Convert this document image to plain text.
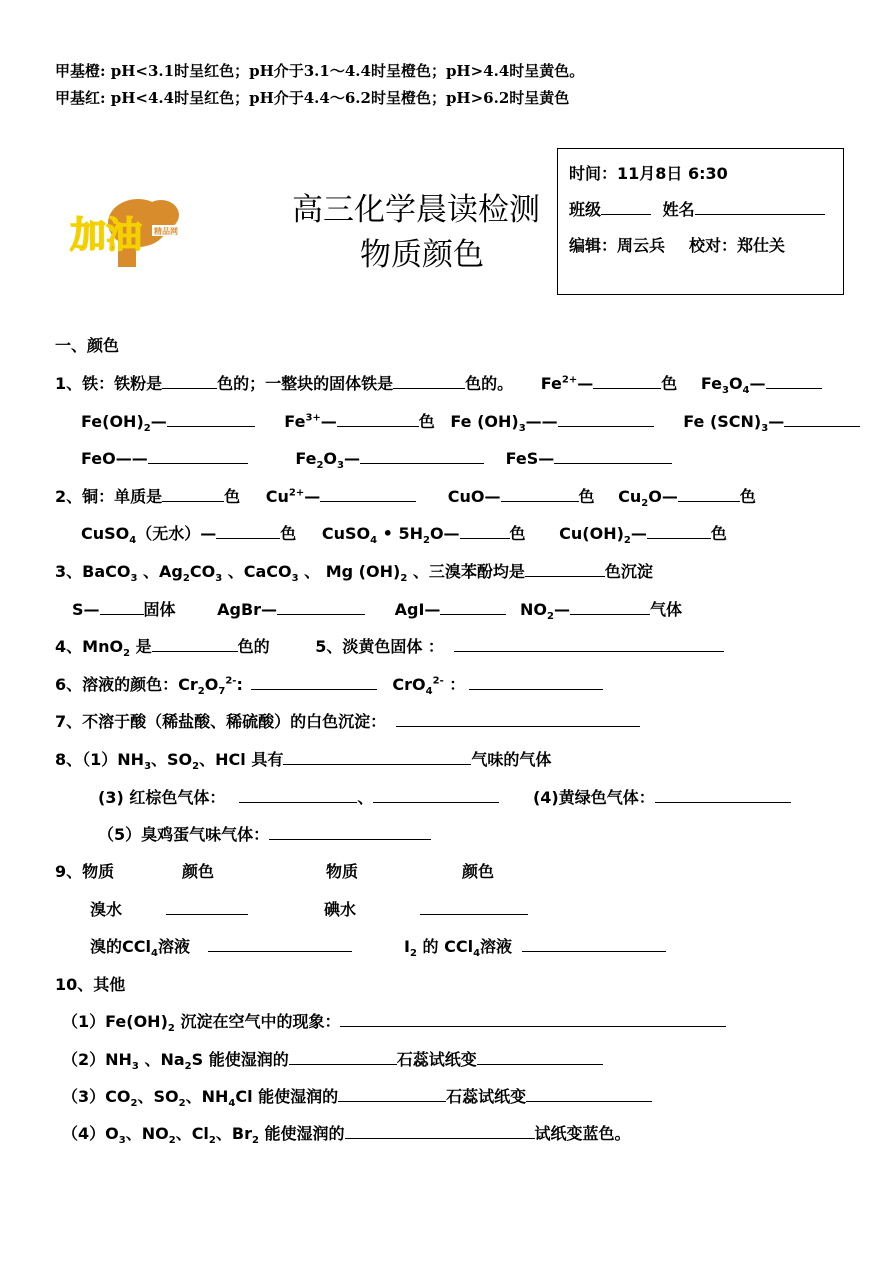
甲基橙: pH<3.1时呈红色；pH介于3.1～4.4时呈橙色；pH>4.4时呈黄色。
甲基红: pH<4.4时呈红色；pH介于4.4～6.2时呈橙色；pH>6.2时呈黄色
加油 精品网
高三化学晨读检测
物质颜色
时间：11月8日 6:30
班级	姓名
编辑：周云兵 校对：郑仕关
一、颜色
1、铁：铁粉是	色的；一整块的固体铁是	色的。 $Fe^{2+}—$	色 $Fe_3O_4—$
$Fe(OH)_2—$	$Fe^{3+}—$	色 Fe $(OH)_3——$	Fe $(SCN)_3—$
FeO——	$Fe_2O_3—$	FeS—
2、铜：单质是	色 $Cu^{2+}—$	CuO—	色 $Cu_2O—$	色
CuSO$_4$（无水）—	色 CuSO$_4$ • $5H_2O—$	色 $Cu(OH)_2—$	色
3、BaCO$_3$ 、$Ag_2CO_3$ 、CaCO$_3$ 、 Mg $(OH)_2$ 、三溴苯酚均是	色沉淀
S—	固体	AgBr—	AgI—	$NO_2—$	气体
4、MnO$_2$ 是	色的	5、淡黄色固体 ：
6、溶液的颜色：$Cr_2O_7^{2-}$:	CrO$_4^{2-}$ ：
7、不溶于酸（稀盐酸、稀硫酸）的白色沉淀：
8、$(1)NH_3$、$SO_2$、HCl 具有	气味的气体
(3) 红棕色气体：	、	(4)黄绿色气体：
（5）臭鸡蛋气味气体：
9、物质	颜色	物质	颜色
溴水	碘水
溴的CCl$_4$溶液	$I_2$ 的 CCl$_4$溶液
10、其他
$(1)Fe(OH)_2$ 沉淀在空气中的现象：
$(2)NH_3$ 、$Na_2S$ 能使湿润的	石蕊试纸变
$(3)CO_2$、$SO_2$、$NH_4Cl$ 能使湿润的	石蕊试纸变
$(4)O_3$、$NO_2$、$Cl_2$、$Br_2$ 能使湿润的	试纸变蓝色。
